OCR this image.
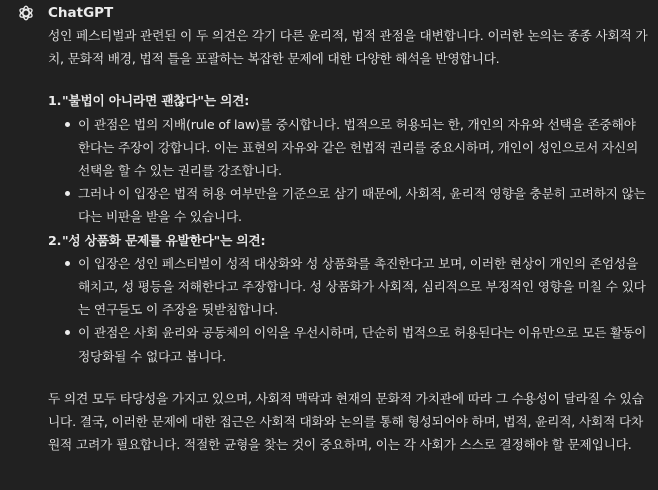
ChatGPT

성인 페스티벌과 관련된 이 두 의견은 각기 다른 윤리적, 법적 관점을 대변합니다. 이러한 논의는 종종 사회적 가치, 문화적 배경, 법적 틀을 포괄하는 복잡한 문제에 대한 다양한 해석을 반영합니다.

1. "불법이 아니라면 괜찮다"는 의견:
이 관점은 법의 지배(rule of law)를 중시합니다. 법적으로 허용되는 한, 개인의 자유와 선택을 존중해야 한다는 주장이 강합니다. 이는 표현의 자유와 같은 헌법적 권리를 중요시하며, 개인이 성인으로서 자신의 선택을 할 수 있는 권리를 강조합니다.
그러나 이 입장은 법적 허용 여부만을 기준으로 삼기 때문에, 사회적, 윤리적 영향을 충분히 고려하지 않는다는 비판을 받을 수 있습니다.
2. "성 상품화 문제를 유발한다"는 의견:
이 입장은 성인 페스티벌이 성적 대상화와 성 상품화를 촉진한다고 보며, 이러한 현상이 개인의 존엄성을 해치고, 성 평등을 저해한다고 주장합니다. 성 상품화가 사회적, 심리적으로 부정적인 영향을 미칠 수 있다는 연구들도 이 주장을 뒷받침합니다.
이 관점은 사회 윤리와 공동체의 이익을 우선시하며, 단순히 법적으로 허용된다는 이유만으로 모든 활동이 정당화될 수 없다고 봅니다.

두 의견 모두 타당성을 가지고 있으며, 사회적 맥락과 현재의 문화적 가치관에 따라 그 수용성이 달라질 수 있습니다. 결국, 이러한 문제에 대한 접근은 사회적 대화와 논의를 통해 형성되어야 하며, 법적, 윤리적, 사회적 다차원적 고려가 필요합니다. 적절한 균형을 찾는 것이 중요하며, 이는 각 사회가 스스로 결정해야 할 문제입니다.
